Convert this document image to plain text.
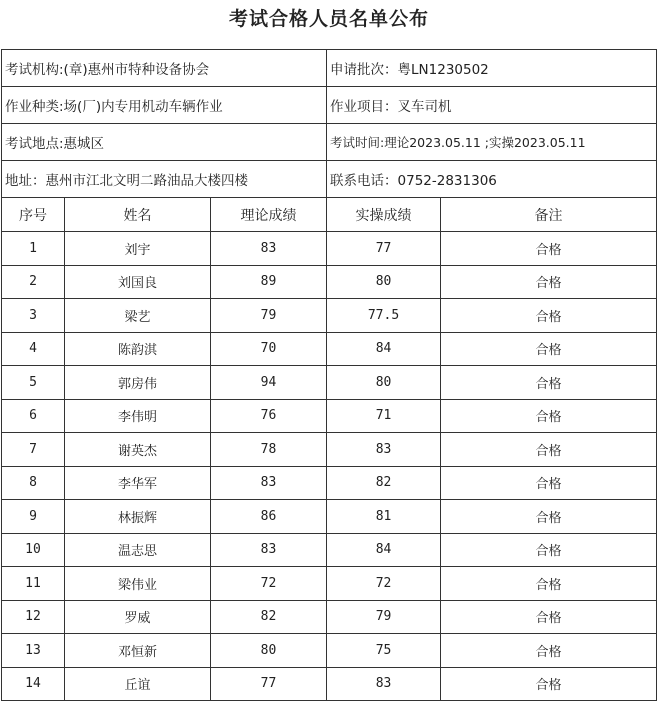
考试合格人员名单公布
考试机构:(章)惠州市特种设备协会			申请批次：粤LN1230502	
作业种类:场(厂)内专用机动车辆作业			作业项目：叉车司机	
考试地点:惠城区			考试时间:理论2023.05.11 ;实操2023.05.11	
地址：惠州市江北文明二路油品大楼四楼			联系电话：0752-2831306	
序号	姓名	理论成绩	实操成绩	备注
1	刘宇	83	77	合格
2	刘国良	89	80	合格
3	梁艺	79	77.5	合格
4	陈韵淇	70	84	合格
5	郭房伟	94	80	合格
6	李伟明	76	71	合格
7	谢英杰	78	83	合格
8	李华军	83	82	合格
9	林振辉	86	81	合格
10	温志思	83	84	合格
11	梁伟业	72	72	合格
12	罗威	82	79	合格
13	邓恒新	80	75	合格
14	丘谊	77	83	合格
